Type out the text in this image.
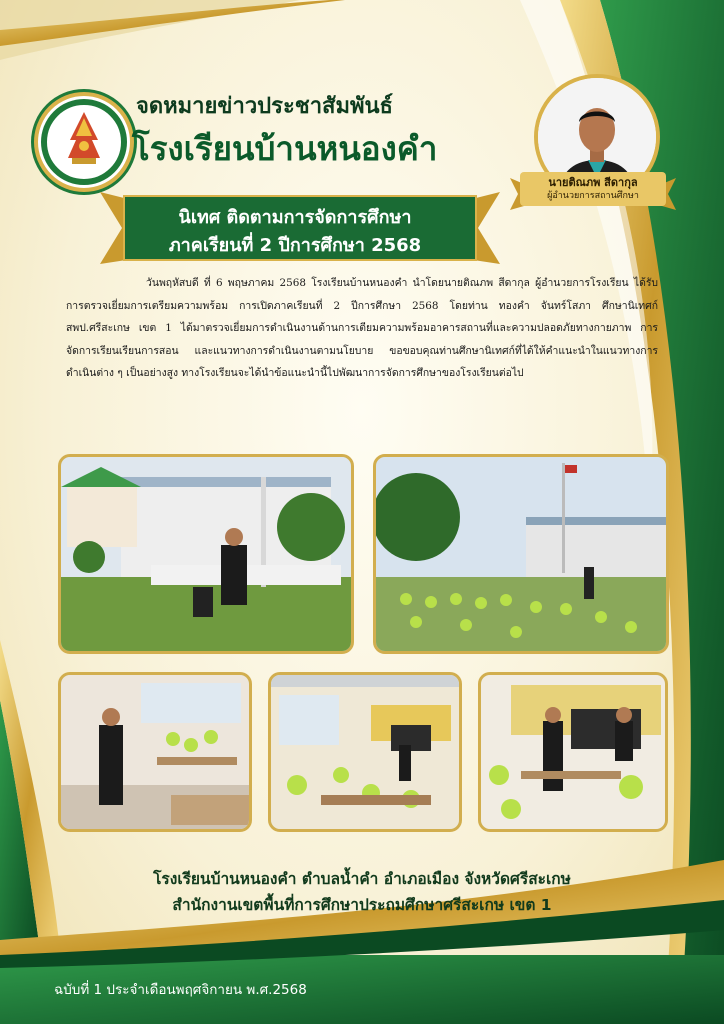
จดหมายข่าวประชาสัมพันธ์
โรงเรียนบ้านหนองคำ
นายติณภพ สีดากุล
ผู้อำนวยการสถานศึกษา
นิเทศ ติดตามการจัดการศึกษา
ภาคเรียนที่ 2 ปีการศึกษา 2568
วันพฤหัสบดี ที่ 6 พฤษภาคม 2568 โรงเรียนบ้านหนองคำ นำโดยนายติณภพ สีดากุล ผู้อำนวยการโรงเรียน ได้รับการตรวจเยี่ยมการเตรียมความพร้อม การเปิดภาคเรียนที่ 2 ปีการศึกษา 2568 โดยท่าน ทองคำ จันทร์โสภา ศึกษานิเทศก์ สพป.ศรีสะเกษ เขต 1 ได้มาตรวจเยี่ยมการดำเนินงานด้านการเตียมความพร้อมอาคารสถานที่และความปลอดภัยทางกายภาพ การจัดการเรียนเรียนการสอน และแนวทางการดำเนินงานตามนโยบาย ขอขอบคุณท่านศึกษานิเทศก์ที่ได้ให้คำแนะนำในแนวทางการดำเนินต่าง ๆ เป็นอย่างสูง ทางโรงเรียนจะได้นำข้อแนะนำนี้ไปพัฒนาการจัดการศึกษาของโรงเรียนต่อไป
โรงเรียนบ้านหนองคำ ตำบลน้ำคำ อำเภอเมือง จังหวัดศรีสะเกษ
สำนักงานเขตพื้นที่การศึกษาประถมศึกษาศรีสะเกษ เขต 1
ฉบับที่ 1 ประจำเดือนพฤศจิกายน พ.ศ.2568
